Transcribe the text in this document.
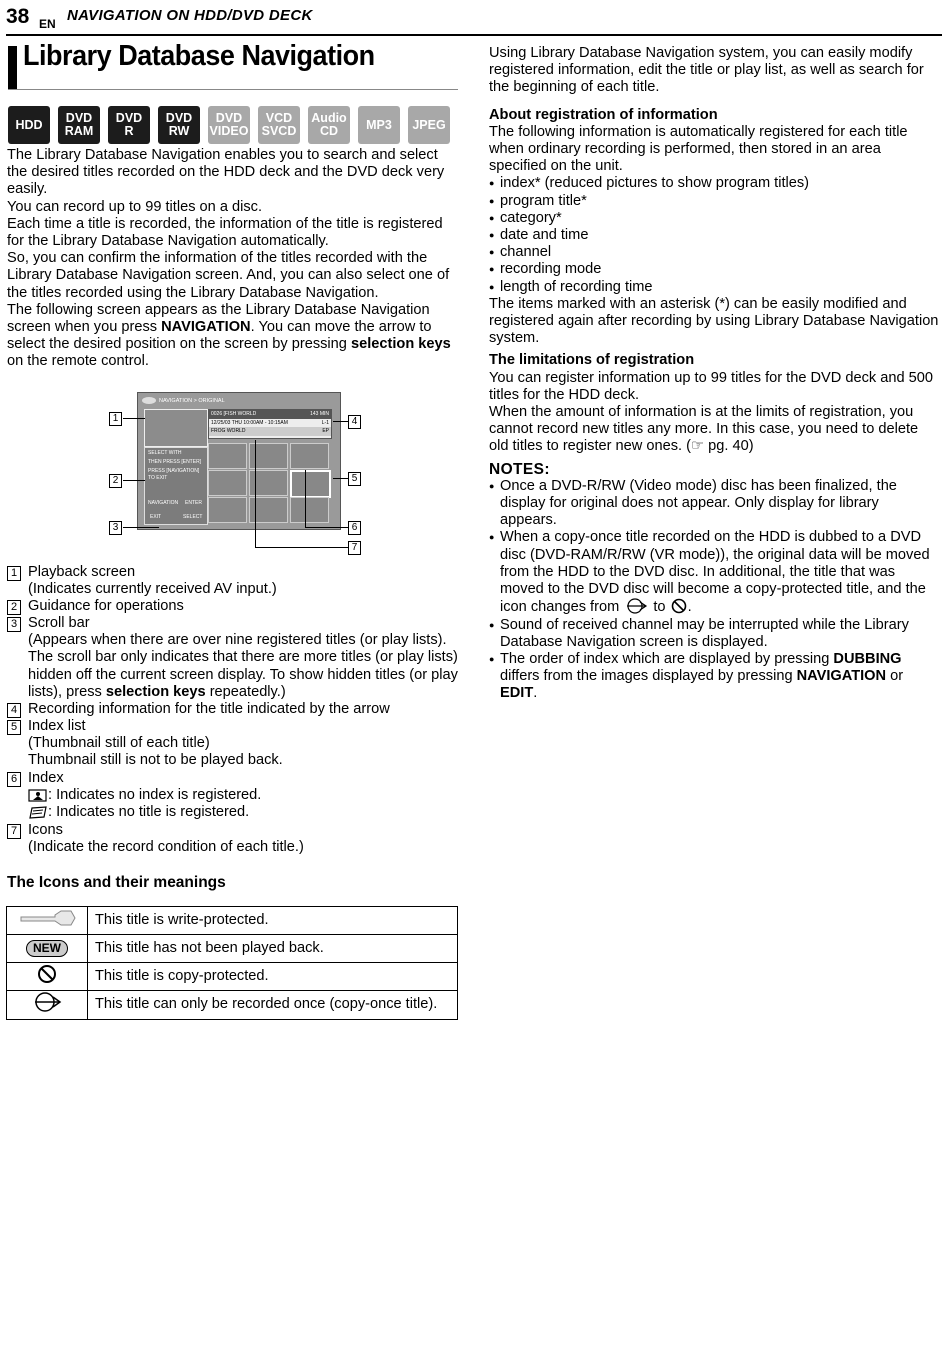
38 EN NAVIGATION ON HDD/DVD DECK
Library Database Navigation
HDD DVD
RAM
DVD
R
DVD
RW
DVD
VIDEO
VCD
SVCD
Audio
CD	MP3 JPEG

The Library Database Navigation enables you to search and select the desired titles recorded on the HDD deck and the DVD deck very easily.

You can record up to 99 titles on a disc.

Each time a title is recorded, the information of the title is registered for the Library Database Navigation automatically.

So, you can confirm the information of the titles recorded with the Library Database Navigation screen. And, you can also select one of the titles recorded using the Library Database Navigation.

The following screen appears as the Library Database Navigation screen when you press NAVIGATION. You can move the arrow to select the desired position on the screen by pressing selection keys on the remote control.

NAVIGATION > ORIGINAL
0026 [FISH WORLD	143 MIN
12/25/03 THU 10:00AM - 10:15AM	L-1
FROG WORLD	EP
SELECT WITH
THEN PRESS [ENTER]
PRESS [NAVIGATION]
TO EXIT
NAVIGATION ENTER
EXIT	SELECT
1
2
3
4
5
6
7
1 Playback screen
(Indicates currently received AV input.)
2 Guidance for operations
3 Scroll bar
(Appears when there are over nine registered titles (or play lists). The scroll bar only indicates that there are more titles (or play lists) hidden off the current screen display. To show hidden titles (or play lists), press selection keys repeatedly.)
4 Recording information for the title indicated by the arrow
5 Index list
(Thumbnail still of each title)
Thumbnail still is not to be played back.
6 Index
: Indicates no index is registered.
: Indicates no title is registered.
7 Icons
(Indicate the record condition of each title.)
The Icons and their meanings
	This title is write-protected.
NEW	This title has not been played back.
	This title is copy-protected.
	This title can only be recorded once (copy-once title).

Using Library Database Navigation system, you can easily modify registered information, edit the title or play list, as well as search for the beginning of each title.

About registration of information

The following information is automatically registered for each title when ordinary recording is performed, then stored in an area specified on the unit.

● index* (reduced pictures to show program titles)
● program title*
● category*
● date and time
● channel
● recording mode
● length of recording time

The items marked with an asterisk (*) can be easily modified and registered again after recording by using Library Database Navigation system.

The limitations of registration

You can register information up to 99 titles for the DVD deck and 500 titles for the HDD deck.

When the amount of information is at the limits of registration, you cannot record new titles any more. In this case, you need to delete old titles to register new ones. (☞ pg. 40)

NOTES:

● Once a DVD-R/RW (Video mode) disc has been finalized, the display for original does not appear. Only display for library appears.
● When a copy-once title recorded on the HDD is dubbed to a DVD disc (DVD-RAM/R/RW (VR mode)), the original data will be moved from the HDD to the DVD disc. In additional, the title that was moved to the DVD disc will become a copy-protected title, and the icon changes from  to .
● Sound of received channel may be interrupted while the Library Database Navigation screen is displayed.
● The order of index which are displayed by pressing DUBBING differs from the images displayed by pressing NAVIGATION or EDIT.
